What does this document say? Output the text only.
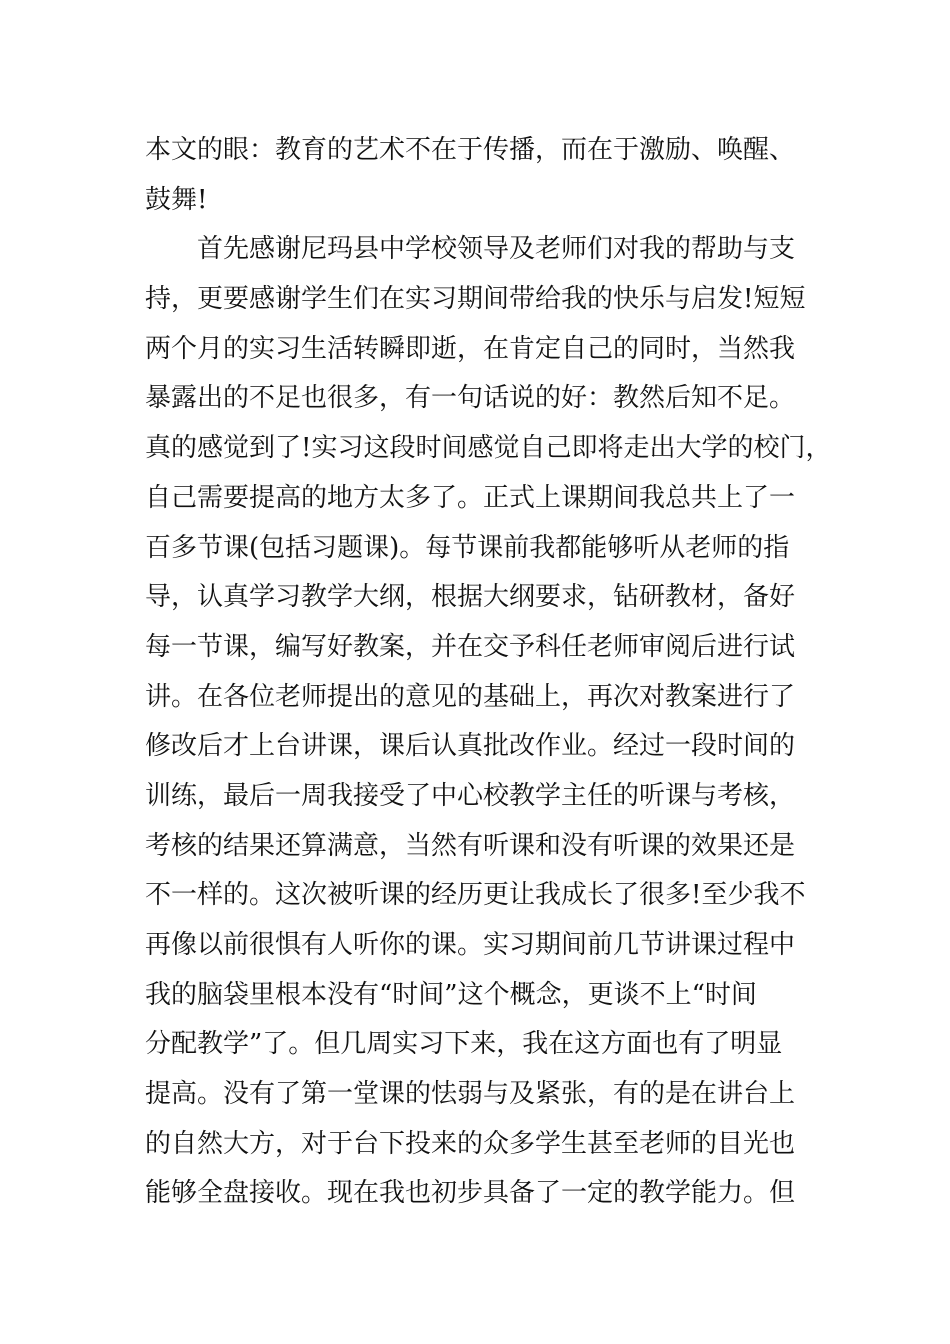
本文的眼：教育的艺术不在于传播，而在于激励、唤醒、
鼓舞!
首先感谢尼玛县中学校领导及老师们对我的帮助与支
持，更要感谢学生们在实习期间带给我的快乐与启发!短短
两个月的实习生活转瞬即逝，在肯定自己的同时，当然我
暴露出的不足也很多，有一句话说的好：教然后知不足。
真的感觉到了!实习这段时间感觉自己即将走出大学的校门，
自己需要提高的地方太多了。正式上课期间我总共上了一
百多节课(包括习题课)。每节课前我都能够听从老师的指
导，认真学习教学大纲，根据大纲要求，钻研教材，备好
每一节课，编写好教案，并在交予科任老师审阅后进行试
讲。在各位老师提出的意见的基础上，再次对教案进行了
修改后才上台讲课，课后认真批改作业。经过一段时间的
训练，最后一周我接受了中心校教学主任的听课与考核，
考核的结果还算满意，当然有听课和没有听课的效果还是
不一样的。这次被听课的经历更让我成长了很多!至少我不
再像以前很惧有人听你的课。实习期间前几节讲课过程中
我的脑袋里根本没有“时间”这个概念，更谈不上“时间
分配教学”了。但几周实习下来，我在这方面也有了明显
提高。没有了第一堂课的怯弱与及紧张，有的是在讲台上
的自然大方，对于台下投来的众多学生甚至老师的目光也
能够全盘接收。现在我也初步具备了一定的教学能力。但
